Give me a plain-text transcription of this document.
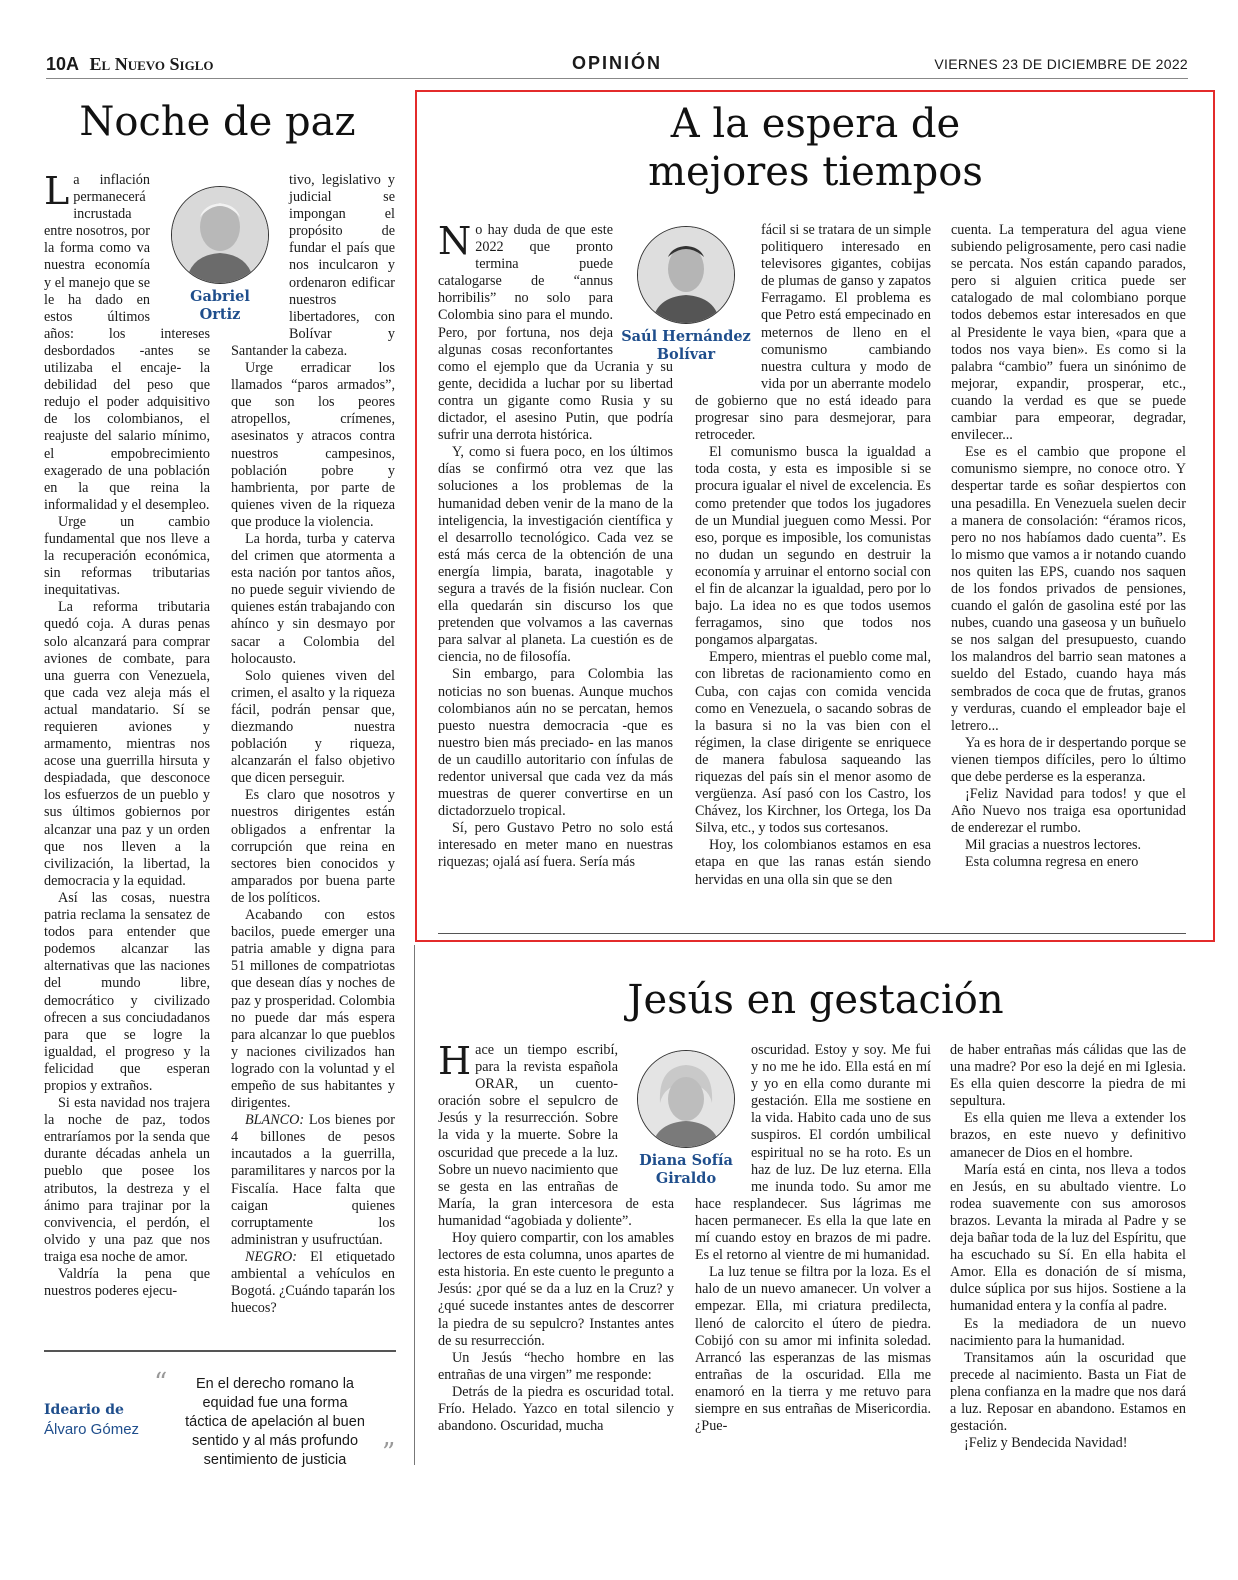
10A El Nuevo Siglo	OPINIÓN	VIERNES 23 DE DICIEMBRE DE 2022
Noche de paz
Gabriel Ortiz

La inflación permanecerá incrustada entre nosotros, por la forma como va nuestra economía y el manejo que se le ha dado en estos últimos años: los intereses desbordados -antes se utilizaba el encaje- la debilidad del peso que redujo el poder adquisitivo de los colombianos, el reajuste del salario mínimo, el empobrecimiento exagerado de una población en la que reina la informalidad y el desempleo.

Urge un cambio fundamental que nos lleve a la recuperación económica, sin reformas tributarias inequitativas.

La reforma tributaria quedó coja. A duras penas solo alcanzará para comprar aviones de combate, para una guerra con Venezuela, que cada vez aleja más el actual mandatario. Sí se requieren aviones y armamento, mientras nos acose una guerrilla hirsuta y despiadada, que desconoce los esfuerzos de un pueblo y sus últimos gobiernos por alcanzar una paz y un orden que nos lleven a la civilización, la libertad, la democracia y la equidad.

Así las cosas, nuestra patria reclama la sensatez de todos para entender que podemos alcanzar las alternativas que las naciones del mundo libre, democrático y civilizado ofrecen a sus conciudadanos para que se logre la igualdad, el progreso y la felicidad que esperan propios y extraños.

Si esta navidad nos trajera la noche de paz, todos entraríamos por la senda que durante décadas anhela un pueblo que posee los atributos, la destreza y el ánimo para trajinar por la convivencia, el perdón, el olvido y una paz que nos traiga esa noche de amor.

Valdría la pena que nuestros poderes ejecu-

tivo, legislativo y judicial se impongan el propósito de fundar el país que nos inculcaron y ordenaron edificar nuestros libertadores, con Bolívar y Santander la cabeza.

Urge erradicar los llamados “paros armados”, que son los peores atropellos, crímenes, asesinatos y atracos contra nuestros campesinos, población pobre y hambrienta, por parte de quienes viven de la riqueza que produce la violencia.

La horda, turba y caterva del crimen que atormenta a esta nación por tantos años, no puede seguir viviendo de quienes están trabajando con ahínco y sin desmayo por sacar a Colombia del holocausto.

Solo quienes viven del crimen, el asalto y la riqueza fácil, podrán pensar que, diezmando nuestra población y riqueza, alcanzarán el falso objetivo que dicen perseguir.

Es claro que nosotros y nuestros dirigentes están obligados a enfrentar la corrupción que reina en sectores bien conocidos y amparados por buena parte de los políticos.

Acabando con estos bacilos, puede emerger una patria amable y digna para 51 millones de compatriotas que desean días y noches de paz y prosperidad. Colombia no puede dar más espera para alcanzar lo que pueblos y naciones civilizados han logrado con la voluntad y el empeño de sus habitantes y dirigentes.

BLANCO: Los bienes por 4 billones de pesos incautados a la guerrilla, paramilitares y narcos por la Fiscalía. Hace falta que caigan quienes corruptamente los administran y usufructúan.

NEGRO: El etiquetado ambiental a vehículos en Bogotá. ¿Cuándo taparán los huecos?

Ideario de
Álvaro Gómez
“	En el derecho romano la equidad fue una forma táctica de apelación al buen sentido y al más profundo sentimiento de justicia	”
A la espera de
mejores tiempos
Saúl Hernández
Bolívar

No hay duda de que este 2022 que pronto termina puede catalogarse de “annus horribilis” no solo para Colombia sino para el mundo. Pero, por fortuna, nos deja algunas cosas reconfortantes como el ejemplo que da Ucrania y su gente, decidida a luchar por su libertad contra un gigante como Rusia y su dictador, el asesino Putin, que podría sufrir una derrota histórica.

Y, como si fuera poco, en los últimos días se confirmó otra vez que las soluciones a los problemas de la humanidad deben venir de la mano de la inteligencia, la investigación científica y el desarrollo tecnológico. Cada vez se está más cerca de la obtención de una energía limpia, barata, inagotable y segura a través de la fisión nuclear. Con ella quedarán sin discurso los que pretenden que volvamos a las cavernas para salvar al planeta. La cuestión es de ciencia, no de filosofía.

Sin embargo, para Colombia las noticias no son buenas. Aunque muchos colombianos aún no se percatan, hemos puesto nuestra democracia -que es nuestro bien más preciado- en las manos de un caudillo autoritario con ínfulas de redentor universal que cada vez da más muestras de querer convertirse en un dictadorzuelo tropical.

Sí, pero Gustavo Petro no solo está interesado en meter mano en nuestras riquezas; ojalá así fuera. Sería más

fácil si se tratara de un simple politiquero interesado en televisores gigantes, cobijas de plumas de ganso y zapatos Ferragamo. El problema es que Petro está empecinado en meternos de lleno en el comunismo cambiando nuestra cultura y modo de vida por un aberrante modelo de gobierno que no está ideado para progresar sino para desmejorar, para retroceder.

El comunismo busca la igualdad a toda costa, y esta es imposible si se procura igualar el nivel de excelencia. Es como pretender que todos los jugadores de un Mundial jueguen como Messi. Por eso, porque es imposible, los comunistas no dudan un segundo en destruir la economía y arruinar el entorno social con el fin de alcanzar la igualdad, pero por lo bajo. La idea no es que todos usemos ferragamos, sino que todos nos pongamos alpargatas.

Empero, mientras el pueblo come mal, con libretas de racionamiento como en Cuba, con cajas con comida vencida como en Venezuela, o sacando sobras de la basura si no la vas bien con el régimen, la clase dirigente se enriquece de manera fabulosa saqueando las riquezas del país sin el menor asomo de vergüenza. Así pasó con los Castro, los Chávez, los Kirchner, los Ortega, los Da Silva, etc., y todos sus cortesanos.

Hoy, los colombianos estamos en esa etapa en que las ranas están siendo hervidas en una olla sin que se den

cuenta. La temperatura del agua viene subiendo peligrosamente, pero casi nadie se percata. Nos están capando parados, pero si alguien critica puede ser catalogado de mal colombiano porque todos debemos estar interesados en que al Presidente le vaya bien, «para que a todos nos vaya bien». Es como si la palabra “cambio” fuera un sinónimo de mejorar, expandir, prosperar, etc., cuando la verdad es que se puede cambiar para empeorar, degradar, envilecer...

Ese es el cambio que propone el comunismo siempre, no conoce otro. Y despertar tarde es soñar despiertos con una pesadilla. En Venezuela suelen decir a manera de consolación: “éramos ricos, pero no nos habíamos dado cuenta”. Es lo mismo que vamos a ir notando cuando nos quiten las EPS, cuando nos saquen de los fondos privados de pensiones, cuando el galón de gasolina esté por las nubes, cuando una gaseosa y un buñuelo se nos salgan del presupuesto, cuando los malandros del barrio sean matones a sueldo del Estado, cuando haya más sembrados de coca que de frutas, granos y verduras, cuando el empleador baje el letrero...

Ya es hora de ir despertando porque se vienen tiempos difíciles, pero lo último que debe perderse es la esperanza.

¡Feliz Navidad para todos! y que el Año Nuevo nos traiga esa oportunidad de enderezar el rumbo.

Mil gracias a nuestros lectores.

Esta columna regresa en enero

Jesús en gestación
Diana Sofía
Giraldo

Hace un tiempo escribí, para la revista española ORAR, un cuento-oración sobre el sepulcro de Jesús y la resurrección. Sobre la vida y la muerte. Sobre la oscuridad que precede a la luz. Sobre un nuevo nacimiento que se gesta en las entrañas de María, la gran intercesora de esta humanidad “agobiada y doliente”.

Hoy quiero compartir, con los amables lectores de esta columna, unos apartes de esta historia. En este cuento le pregunto a Jesús: ¿por qué se da a luz en la Cruz? y ¿qué sucede instantes antes de descorrer la piedra de su sepulcro? Instantes antes de su resurrección.

Un Jesús “hecho hombre en las entrañas de una virgen” me responde:

Detrás de la piedra es oscuridad total. Frío. Helado. Yazco en total silencio y abandono. Oscuridad, mucha

oscuridad. Estoy y soy. Me fui y no me he ido. Ella está en mí y yo en ella como durante mi gestación. Ella me sostiene en la vida. Habito cada uno de sus suspiros. El cordón umbilical espiritual no se ha roto. Es un haz de luz. De luz eterna. Ella me inunda todo. Su amor me hace resplandecer. Sus lágrimas me hacen permanecer. Es ella la que late en mí cuando estoy en brazos de mi padre. Es el retorno al vientre de mi humanidad.

La luz tenue se filtra por la loza. Es el halo de un nuevo amanecer. Un volver a empezar. Ella, mi criatura predilecta, llenó de calorcito el útero de piedra. Cobijó con su amor mi infinita soledad. Arrancó las esperanzas de las mismas entrañas de la oscuridad. Ella me enamoró en la tierra y me retuvo para siempre en sus entrañas de Misericordia. ¿Pue-

de haber entrañas más cálidas que las de una madre? Por eso la dejé en mi Iglesia. Es ella quien descorre la piedra de mi sepultura.

Es ella quien me lleva a extender los brazos, en este nuevo y definitivo amanecer de Dios en el hombre.

María está en cinta, nos lleva a todos en Jesús, en su abultado vientre. Lo rodea suavemente con sus amorosos brazos. Levanta la mirada al Padre y se deja bañar toda de la luz del Espíritu, que ha escuchado su Sí. En ella habita el Amor. Ella es donación de sí misma, dulce súplica por sus hijos. Sostiene a la humanidad entera y la confía al padre.

Es la mediadora de un nuevo nacimiento para la humanidad.

Transitamos aún la oscuridad que precede al nacimiento. Basta un Fiat de plena confianza en la madre que nos dará a luz. Reposar en abandono. Estamos en gestación.

¡Feliz y Bendecida Navidad!
